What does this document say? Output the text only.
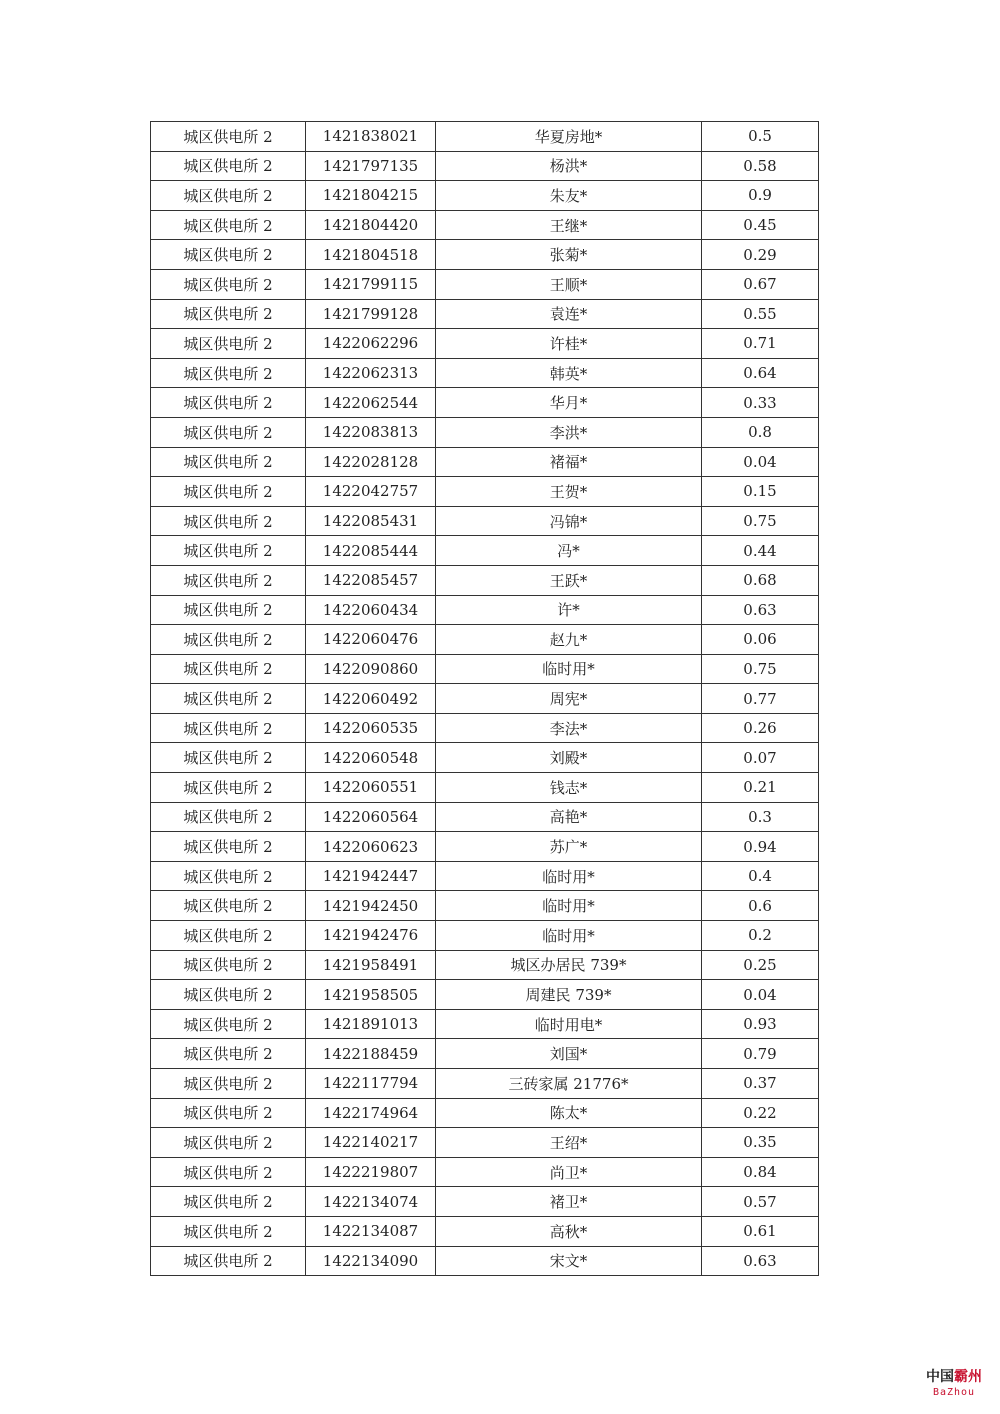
城区供电所 2	1421838021	华夏房地*	0.5
城区供电所 2	1421797135	杨洪*	0.58
城区供电所 2	1421804215	朱友*	0.9
城区供电所 2	1421804420	王继*	0.45
城区供电所 2	1421804518	张菊*	0.29
城区供电所 2	1421799115	王顺*	0.67
城区供电所 2	1421799128	袁连*	0.55
城区供电所 2	1422062296	许桂*	0.71
城区供电所 2	1422062313	韩英*	0.64
城区供电所 2	1422062544	华月*	0.33
城区供电所 2	1422083813	李洪*	0.8
城区供电所 2	1422028128	褚福*	0.04
城区供电所 2	1422042757	王贺*	0.15
城区供电所 2	1422085431	冯锦*	0.75
城区供电所 2	1422085444	冯*	0.44
城区供电所 2	1422085457	王跃*	0.68
城区供电所 2	1422060434	许*	0.63
城区供电所 2	1422060476	赵九*	0.06
城区供电所 2	1422090860	临时用*	0.75
城区供电所 2	1422060492	周宪*	0.77
城区供电所 2	1422060535	李法*	0.26
城区供电所 2	1422060548	刘殿*	0.07
城区供电所 2	1422060551	钱志*	0.21
城区供电所 2	1422060564	高艳*	0.3
城区供电所 2	1422060623	苏广*	0.94
城区供电所 2	1421942447	临时用*	0.4
城区供电所 2	1421942450	临时用*	0.6
城区供电所 2	1421942476	临时用*	0.2
城区供电所 2	1421958491	城区办居民 739*	0.25
城区供电所 2	1421958505	周建民 739*	0.04
城区供电所 2	1421891013	临时用电*	0.93
城区供电所 2	1422188459	刘国*	0.79
城区供电所 2	1422117794	三砖家属 21776*	0.37
城区供电所 2	1422174964	陈太*	0.22
城区供电所 2	1422140217	王绍*	0.35
城区供电所 2	1422219807	尚卫*	0.84
城区供电所 2	1422134074	褚卫*	0.57
城区供电所 2	1422134087	高秋*	0.61
城区供电所 2	1422134090	宋文*	0.63
中国霸州
BaZhou
